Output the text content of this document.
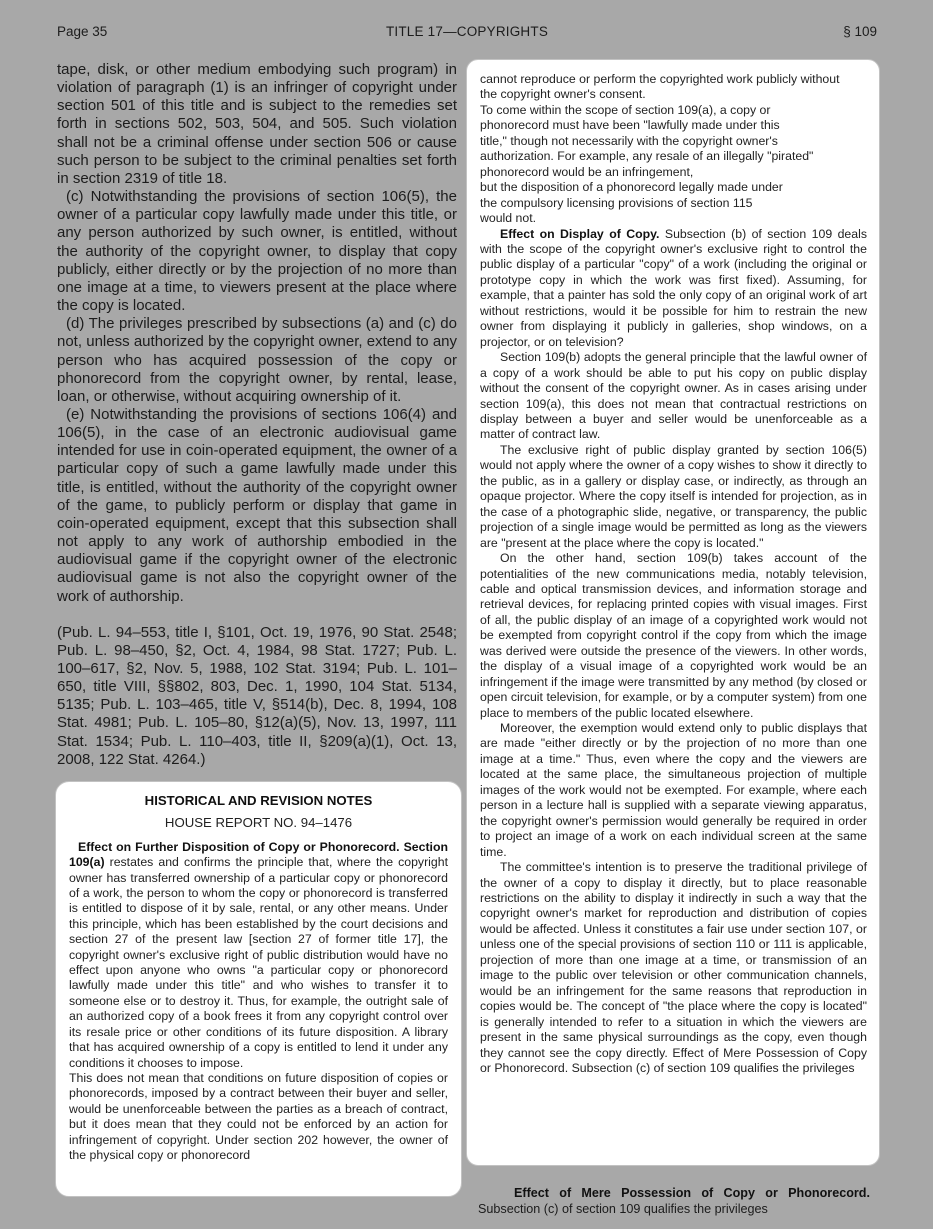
Page 35	TITLE 17—COPYRIGHTS	§ 109

tape, disk, or other medium embodying such program) in violation of paragraph (1) is an infringer of copyright under section 501 of this title and is subject to the remedies set forth in sections 502, 503, 504, and 505. Such violation shall not be a criminal offense under section 506 or cause such person to be subject to the criminal penalties set forth in section 2319 of title 18.

(c) Notwithstanding the provisions of section 106(5), the owner of a particular copy lawfully made under this title, or any person authorized by such owner, is entitled, without the authority of the copyright owner, to display that copy publicly, either directly or by the projection of no more than one image at a time, to viewers present at the place where the copy is located.

(d) The privileges prescribed by subsections (a) and (c) do not, unless authorized by the copyright owner, extend to any person who has acquired possession of the copy or phonorecord from the copyright owner, by rental, lease, loan, or otherwise, without acquiring ownership of it.

(e) Notwithstanding the provisions of sections 106(4) and 106(5), in the case of an electronic audiovisual game intended for use in coin-operated equipment, the owner of a particular copy of such a game lawfully made under this title, is entitled, without the authority of the copyright owner of the game, to publicly perform or display that game in coin-operated equipment, except that this subsection shall not apply to any work of authorship embodied in the audiovisual game if the copyright owner of the electronic audiovisual game is not also the copyright owner of the work of authorship.

(Pub. L. 94–553, title I, §101, Oct. 19, 1976, 90 Stat. 2548; Pub. L. 98–450, §2, Oct. 4, 1984, 98 Stat. 1727; Pub. L. 100–617, §2, Nov. 5, 1988, 102 Stat. 3194; Pub. L. 101–650, title VIII, §§802, 803, Dec. 1, 1990, 104 Stat. 5134, 5135; Pub. L. 103–465, title V, §514(b), Dec. 8, 1994, 108 Stat. 4981; Pub. L. 105–80, §12(a)(5), Nov. 13, 1997, 111 Stat. 1534; Pub. L. 110–403, title II, §209(a)(1), Oct. 13, 2008, 122 Stat. 4264.)

HISTORICAL AND REVISION NOTES
HOUSE REPORT NO. 94–1476

Effect on Further Disposition of Copy or Phonorecord. Section 109(a) restates and confirms the principle that, where the copyright owner has transferred ownership of a particular copy or phonorecord of a work, the person to whom the copy or phonorecord is transferred is entitled to dispose of it by sale, rental, or any other means. Under this principle, which has been established by the court decisions and section 27 of the present law [section 27 of former title 17], the copyright owner's exclusive right of public distribution would have no effect upon anyone who owns "a particular copy or phonorecord lawfully made under this title" and who wishes to transfer it to someone else or to destroy it. Thus, for example, the outright sale of an authorized copy of a book frees it from any copyright control over its resale price or other conditions of its future disposition. A library that has acquired ownership of a copy is entitled to lend it under any conditions it chooses to impose.

This does not mean that conditions on future disposition of copies or phonorecords, imposed by a contract between their buyer and seller, would be unenforceable between the parties as a breach of contract, but it does mean that they could not be enforced by an action for infringement of copyright. Under section 202 however, the owner of the physical copy or phonorecord

cannot reproduce or perform the copyrighted work publicly without
the copyright owner's consent.
To come within the scope of section 109(a), a copy or
phonorecord must have been "lawfully made under this
title," though not necessarily with the copyright owner's
authorization. For example, any resale of an illegally "pirated"
phonorecord would be an infringement,
but the disposition of a phonorecord legally made under
the compulsory licensing provisions of section 115
would not.

Effect on Display of Copy. Subsection (b) of section 109 deals with the scope of the copyright owner's exclusive right to control the public display of a particular "copy" of a work (including the original or prototype copy in which the work was first fixed). Assuming, for example, that a painter has sold the only copy of an original work of art without restrictions, would it be possible for him to restrain the new owner from displaying it publicly in galleries, shop windows, on a projector, or on television?

Section 109(b) adopts the general principle that the lawful owner of a copy of a work should be able to put his copy on public display without the consent of the copyright owner. As in cases arising under section 109(a), this does not mean that contractual restrictions on display between a buyer and seller would be unenforceable as a matter of contract law.

The exclusive right of public display granted by section 106(5) would not apply where the owner of a copy wishes to show it directly to the public, as in a gallery or display case, or indirectly, as through an opaque projector. Where the copy itself is intended for projection, as in the case of a photographic slide, negative, or transparency, the public projection of a single image would be permitted as long as the viewers are "present at the place where the copy is located."

On the other hand, section 109(b) takes account of the potentialities of the new communications media, notably television, cable and optical transmission devices, and information storage and retrieval devices, for replacing printed copies with visual images. First of all, the public display of an image of a copyrighted work would not be exempted from copyright control if the copy from which the image was derived were outside the presence of the viewers. In other words, the display of a visual image of a copyrighted work would be an infringement if the image were transmitted by any method (by closed or open circuit television, for example, or by a computer system) from one place to members of the public located elsewhere.

Moreover, the exemption would extend only to public displays that are made "either directly or by the projection of no more than one image at a time." Thus, even where the copy and the viewers are located at the same place, the simultaneous projection of multiple images of the work would not be exempted. For example, where each person in a lecture hall is supplied with a separate viewing apparatus, the copyright owner's permission would generally be required in order to project an image of a work on each individual screen at the same time.

The committee's intention is to preserve the traditional privilege of the owner of a copy to display it directly, but to place reasonable restrictions on the ability to display it indirectly in such a way that the copyright owner's market for reproduction and distribution of copies would be affected. Unless it constitutes a fair use under section 107, or unless one of the special provisions of section 110 or 111 is applicable, projection of more than one image at a time, or transmission of an image to the public over television or other communication channels, would be an infringement for the same reasons that reproduction in copies would be. The concept of "the place where the copy is located" is generally intended to refer to a situation in which the viewers are present in the same physical surroundings as the copy, even though they cannot see the copy directly. Effect of Mere Possession of Copy or Phonorecord. Subsection (c) of section 109 qualifies the privileges

Effect of Mere Possession of Copy or Phonorecord. Subsection (c) of section 109 qualifies the privileges
